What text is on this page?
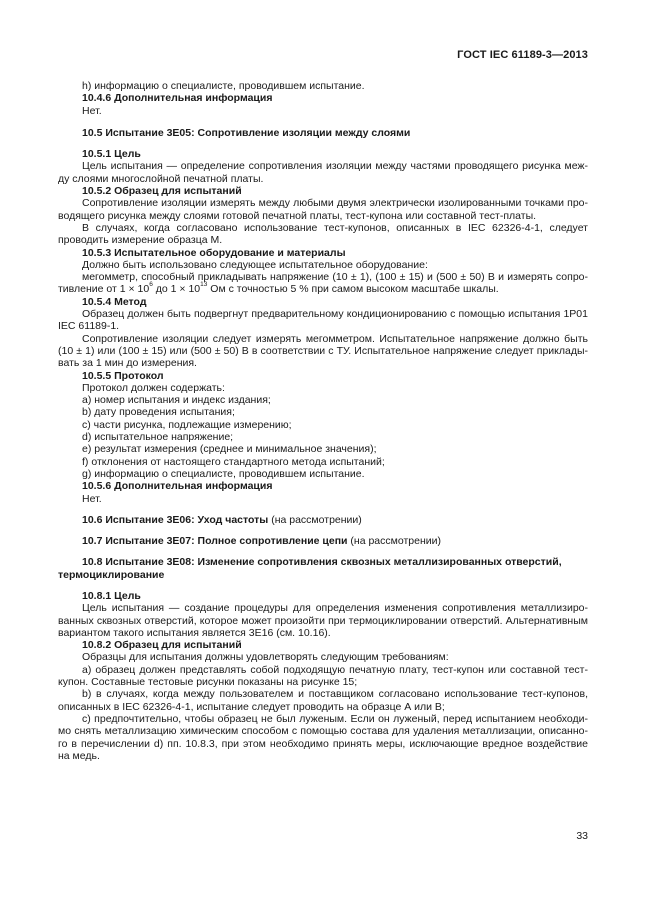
ГОСТ IEC 61189-3—2013

h) информацию о специалисте, проводившем испытание.

10.4.6 Дополнительная информация

Нет.

10.5 Испытание 3E05: Сопротивление изоляции между слоями

10.5.1 Цель

Цель испытания — определение сопротивления изоляции между частями проводящего рисунка меж-ду слоями многослойной печатной платы.

10.5.2 Образец для испытаний

Сопротивление изоляции измерять между любыми двумя электрически изолированными точками про-водящего рисунка между слоями готовой печатной платы, тест-купона или составной тест-платы.

В случаях, когда согласовано использование тест-купонов, описанных в IEC 62326-4-1, следует проводить измерение образца М.

10.5.3 Испытательное оборудование и материалы

Должно быть использовано следующее испытательное оборудование:

мегомметр, способный прикладывать напряжение (10 ± 1), (100 ± 15) и (500 ± 50) В и измерять сопро-тивление от $1 \times 10^6$ до $1 \times 10^{13}$ Ом с точностью 5 % при самом высоком масштабе шкалы.

10.5.4 Метод

Образец должен быть подвергнут предварительному кондиционированию с помощью испытания 1P01 IEC 61189-1.

Сопротивление изоляции следует измерять мегомметром. Испытательное напряжение должно быть (10 ± 1) или (100 ± 15) или (500 ± 50) В в соответствии с ТУ. Испытательное напряжение следует приклады-вать за 1 мин до измерения.

10.5.5 Протокол

Протокол должен содержать:

а) номер испытания и индекс издания;

b) дату проведения испытания;

с) части рисунка, подлежащие измерению;

d) испытательное напряжение;

е) результат измерения (среднее и минимальное значения);

f) отклонения от настоящего стандартного метода испытаний;

g) информацию о специалисте, проводившем испытание.

10.5.6 Дополнительная информация

Нет.

10.6 Испытание 3E06: Уход частоты (на рассмотрении)

10.7 Испытание 3E07: Полное сопротивление цепи (на рассмотрении)

10.8 Испытание 3E08: Изменение сопротивления сквозных металлизированных отверстий, термоциклирование

10.8.1 Цель

Цель испытания — создание процедуры для определения изменения сопротивления металлизиро-ванных сквозных отверстий, которое может произойти при термоциклировании отверстий. Альтернативным вариантом такого испытания является 3E16 (см. 10.16).

10.8.2 Образец для испытаний

Образцы для испытания должны удовлетворять следующим требованиям:

а) образец должен представлять собой подходящую печатную плату, тест-купон или составной тест-купон. Составные тестовые рисунки показаны на рисунке 15;

b) в случаях, когда между пользователем и поставщиком согласовано использование тест-купонов, описанных в IEC 62326-4-1, испытание следует проводить на образце А или В;

с) предпочтительно, чтобы образец не был луженым. Если он луженый, перед испытанием необходи-мо снять металлизацию химическим способом с помощью состава для удаления металлизации, описанно-го в перечислении d) пп. 10.8.3, при этом необходимо принять меры, исключающие вредное воздействие на медь.

33
